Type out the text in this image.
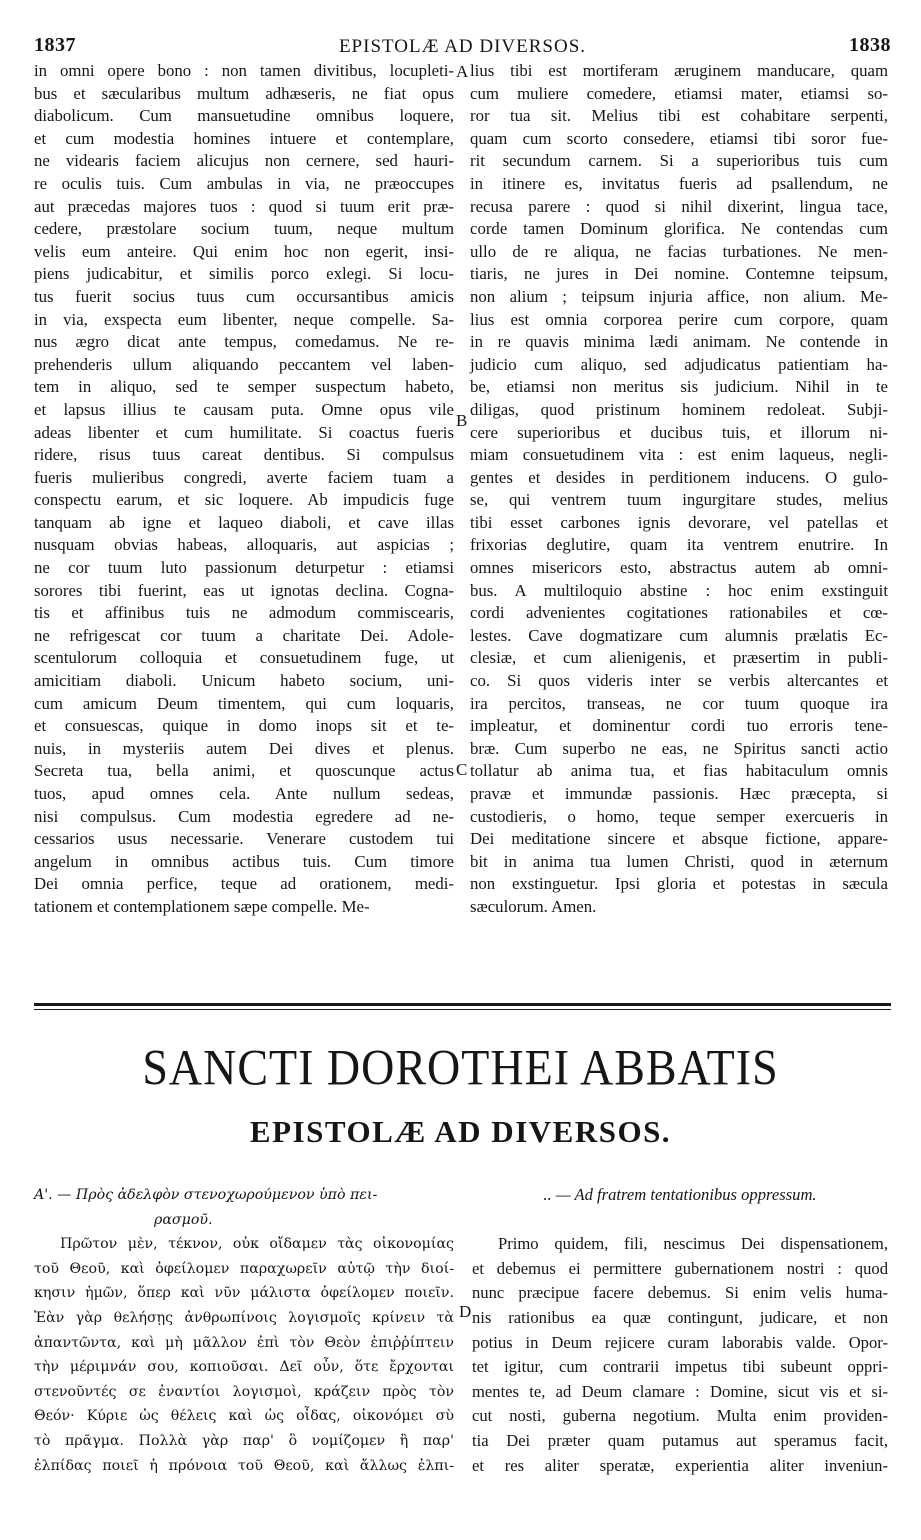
1837	EPISTOLÆ AD DIVERSOS.	1838
in omni opere bono : non tamen divitibus, locupleti-
bus et sæcularibus multum adhæseris, ne fiat opus
diabolicum. Cum mansuetudine omnibus loquere,
et cum modestia homines intuere et contemplare,
ne videaris faciem alicujus non cernere, sed hauri-
re oculis tuis. Cum ambulas in via, ne præoccupes
aut præcedas majores tuos : quod si tuum erit præ-
cedere, præstolare socium tuum, neque multum
velis eum anteire. Qui enim hoc non egerit, insi-
piens judicabitur, et similis porco exlegi. Si locu-
tus fuerit socius tuus cum occursantibus amicis
in via, exspecta eum libenter, neque compelle. Sa-
nus ægro dicat ante tempus, comedamus. Ne re-
prehenderis ullum aliquando peccantem vel laben-
tem in aliquo, sed te semper suspectum habeto,
et lapsus illius te causam puta. Omne opus vile
adeas libenter et cum humilitate. Si coactus fueris
ridere, risus tuus careat dentibus. Si compulsus
fueris mulieribus congredi, averte faciem tuam a
conspectu earum, et sic loquere. Ab impudicis fuge
tanquam ab igne et laqueo diaboli, et cave illas
nusquam obvias habeas, alloquaris, aut aspicias ;
ne cor tuum luto passionum deturpetur : etiamsi
sorores tibi fuerint, eas ut ignotas declina. Cogna-
tis et affinibus tuis ne admodum commiscearis,
ne refrigescat cor tuum a charitate Dei. Adole-
scentulorum colloquia et consuetudinem fuge, ut
amicitiam diaboli. Unicum habeto socium, uni-
cum amicum Deum timentem, qui cum loquaris,
et consuescas, quique in domo inops sit et te-
nuis, in mysteriis autem Dei dives et plenus.
Secreta tua, bella animi, et quoscunque actus
tuos, apud omnes cela. Ante nullum sedeas,
nisi compulsus. Cum modestia egredere ad ne-
cessarios usus necessarie. Venerare custodem tui
angelum in omnibus actibus tuis. Cum timore
Dei omnia perfice, teque ad orationem, medi-
tationem et contemplationem sæpe compelle. Me-
lius tibi est mortiferam æruginem manducare, quam
cum muliere comedere, etiamsi mater, etiamsi so-
ror tua sit. Melius tibi est cohabitare serpenti,
quam cum scorto consedere, etiamsi tibi soror fue-
rit secundum carnem. Si a superioribus tuis cum
in itinere es, invitatus fueris ad psallendum, ne
recusa parere : quod si nihil dixerint, lingua tace,
corde tamen Dominum glorifica. Ne contendas cum
ullo de re aliqua, ne facias turbationes. Ne men-
tiaris, ne jures in Dei nomine. Contemne teipsum,
non alium ; teipsum injuria affice, non alium. Me-
lius est omnia corporea perire cum corpore, quam
in re quavis minima lædi animam. Ne contende in
judicio cum aliquo, sed adjudicatus patientiam ha-
be, etiamsi non meritus sis judicium. Nihil in te
diligas, quod pristinum hominem redoleat. Subji-
cere superioribus et ducibus tuis, et illorum ni-
miam consuetudinem vita : est enim laqueus, negli-
gentes et desides in perditionem inducens. O gulo-
se, qui ventrem tuum ingurgitare studes, melius
tibi esset carbones ignis devorare, vel patellas et
frixorias deglutire, quam ita ventrem enutrire. In
omnes misericors esto, abstractus autem ab omni-
bus. A multiloquio abstine : hoc enim exstinguit
cordi advenientes cogitationes rationabiles et cœ-
lestes. Cave dogmatizare cum alumnis prælatis Ec-
clesiæ, et cum alienigenis, et præsertim in publi-
co. Si quos videris inter se verbis altercantes et
ira percitos, transeas, ne cor tuum quoque ira
impleatur, et dominentur cordi tuo erroris tene-
bræ. Cum superbo ne eas, ne Spiritus sancti actio
tollatur ab anima tua, et fias habitaculum omnis
pravæ et immundæ passionis. Hæc præcepta, si
custodieris, o homo, teque semper exercueris in
Dei meditatione sincere et absque fictione, appare-
bit in anima tua lumen Christi, quod in æternum
non exstinguetur. Ipsi gloria et potestas in sæcula
sæculorum. Amen.
A
B
C
D
SANCTI DOROTHEI ABBATIS
EPISTOLÆ AD DIVERSOS.
Α'. — Πρὸς ἀδελφὸν στενοχωρούμενον ὑπὸ πει-
ρασμοῦ.
Πρῶτον μὲν, τέκνον, οὐκ οἴδαμεν τὰς οἰκονομίας
τοῦ Θεοῦ, καὶ ὀφείλομεν παραχωρεῖν αὐτῷ τὴν διοί-
κησιν ἡμῶν, ὅπερ καὶ νῦν μάλιστα ὀφείλομεν ποιεῖν.
Ἐὰν γὰρ θελήσῃς ἀνθρωπίνοις λογισμοῖς κρίνειν τὰ
ἀπαντῶντα, καὶ μὴ μᾶλλον ἐπὶ τὸν Θεὸν ἐπιῤῥίπτειν
τὴν μέριμνάν σου, κοπιοῦσαι. Δεῖ οὖν, ὅτε ἔρχονται
στενοῦντές σε ἐναντίοι λογισμοὶ, κράζειν πρὸς τὸν
Θεόν· Κύριε ὡς θέλεις καὶ ὡς οἶδας, οἰκονόμει σὺ
τὸ πρᾶγμα. Πολλὰ γὰρ παρ' ὃ νομίζομεν ἢ παρ'
ἐλπίδας ποιεῖ ἡ πρόνοια τοῦ Θεοῦ, καὶ ἄλλως ἐλπι-
.. — Ad fratrem tentationibus oppressum.
Primo quidem, fili, nescimus Dei dispensationem,
et debemus ei permittere gubernationem nostri : quod
nunc præcipue facere debemus. Si enim velis huma-
nis rationibus ea quæ contingunt, judicare, et non
potius in Deum rejicere curam laborabis valde. Opor-
tet igitur, cum contrarii impetus tibi subeunt oppri-
mentes te, ad Deum clamare : Domine, sicut vis et si-
cut nosti, guberna negotium. Multa enim providen-
tia Dei præter quam putamus aut speramus facit,
et res aliter speratæ, experientia aliter inveniun-
